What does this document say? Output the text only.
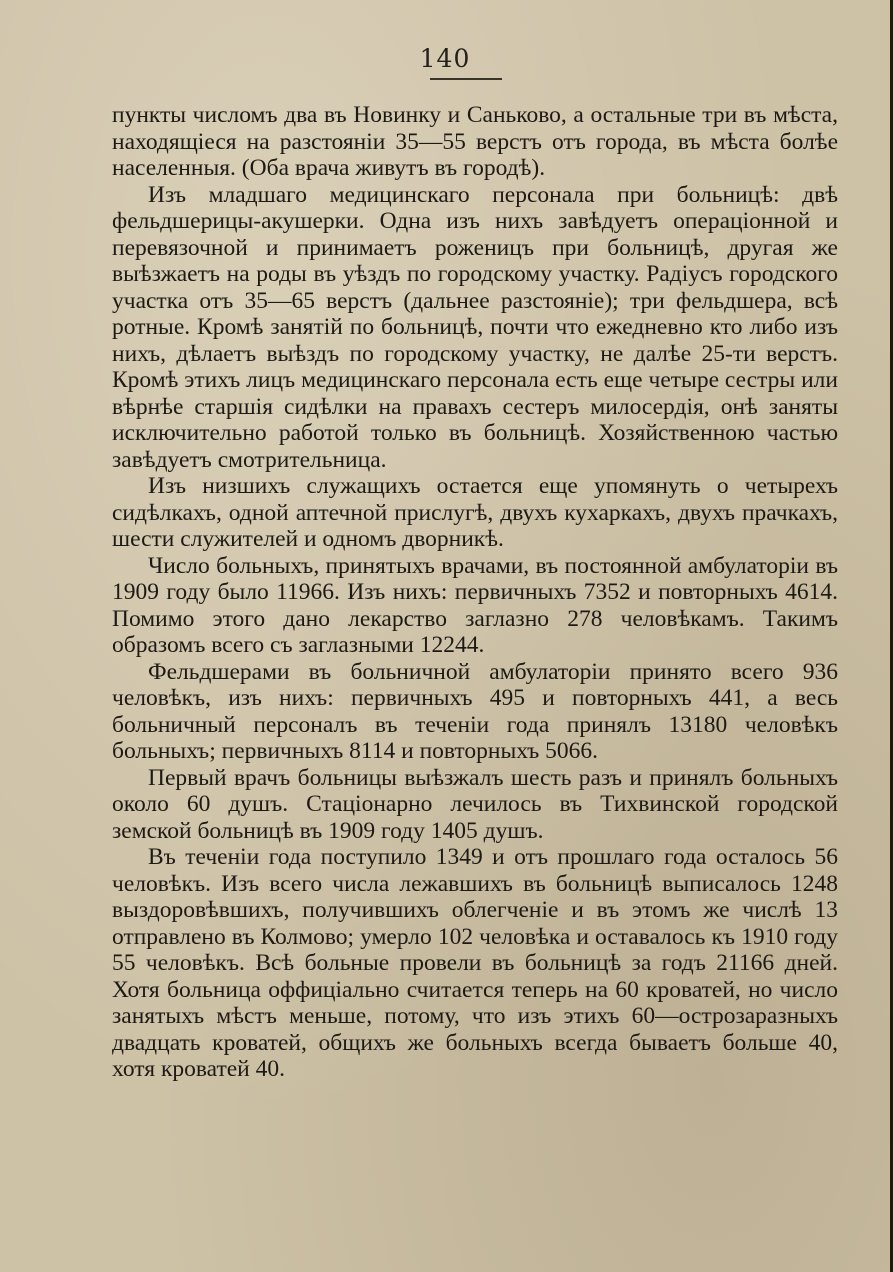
140

пункты числомъ два въ Новинку и Саньково, а остальные три въ мѣста, находящіеся на разстояніи 35—55 верстъ отъ города, въ мѣста болѣе населенныя. (Оба врача живутъ въ городѣ).

Изъ младшаго медицинскаго персонала при больницѣ: двѣ фельдшерицы-акушерки. Одна изъ нихъ завѣдуетъ операціонной и перевязочной и принимаетъ роженицъ при больницѣ, другая же выѣзжаетъ на роды въ уѣздъ по городскому участку. Радіусъ городского участка отъ 35—65 верстъ (дальнее разстояніе); три фельдшера, всѣ ротные. Кромѣ занятій по больницѣ, почти что ежедневно кто либо изъ нихъ, дѣлаетъ выѣздъ по городскому участку, не далѣе 25-ти верстъ. Кромѣ этихъ лицъ медицинскаго персонала есть еще четыре сестры или вѣрнѣе старшія сидѣлки на правахъ сестеръ милосердія, онѣ заняты исключительно работой только въ больницѣ. Хозяйственною частью завѣдуетъ смотрительница.

Изъ низшихъ служащихъ остается еще упомянуть о четырехъ сидѣлкахъ, одной аптечной прислугѣ, двухъ кухаркахъ, двухъ прачкахъ, шести служителей и одномъ дворникѣ.

Число больныхъ, принятыхъ врачами, въ постоянной амбулаторіи въ 1909 году было 11966. Изъ нихъ: первичныхъ 7352 и повторныхъ 4614. Помимо этого дано лекарство заглазно 278 человѣкамъ. Такимъ образомъ всего съ заглазными 12244.

Фельдшерами въ больничной амбулаторіи принято всего 936 человѣкъ, изъ нихъ: первичныхъ 495 и повторныхъ 441, а весь больничный персоналъ въ теченіи года принялъ 13180 человѣкъ больныхъ; первичныхъ 8114 и повторныхъ 5066.

Первый врачъ больницы выѣзжалъ шесть разъ и принялъ больныхъ около 60 душъ. Стаціонарно лечилось въ Тихвинской городской земской больницѣ въ 1909 году 1405 душъ.

Въ теченіи года поступило 1349 и отъ прошлаго года осталось 56 человѣкъ. Изъ всего числа лежавшихъ въ больницѣ выписалось 1248 выздоровѣвшихъ, получившихъ облегченіе и въ этомъ же числѣ 13 отправлено въ Колмово; умерло 102 человѣка и оставалось къ 1910 году 55 человѣкъ. Всѣ больные провели въ больницѣ за годъ 21166 дней. Хотя больница оффиціально считается теперь на 60 кроватей, но число занятыхъ мѣстъ меньше, потому, что изъ этихъ 60—острозаразныхъ двадцать кроватей, общихъ же больныхъ всегда бываетъ больше 40, хотя кроватей 40.
